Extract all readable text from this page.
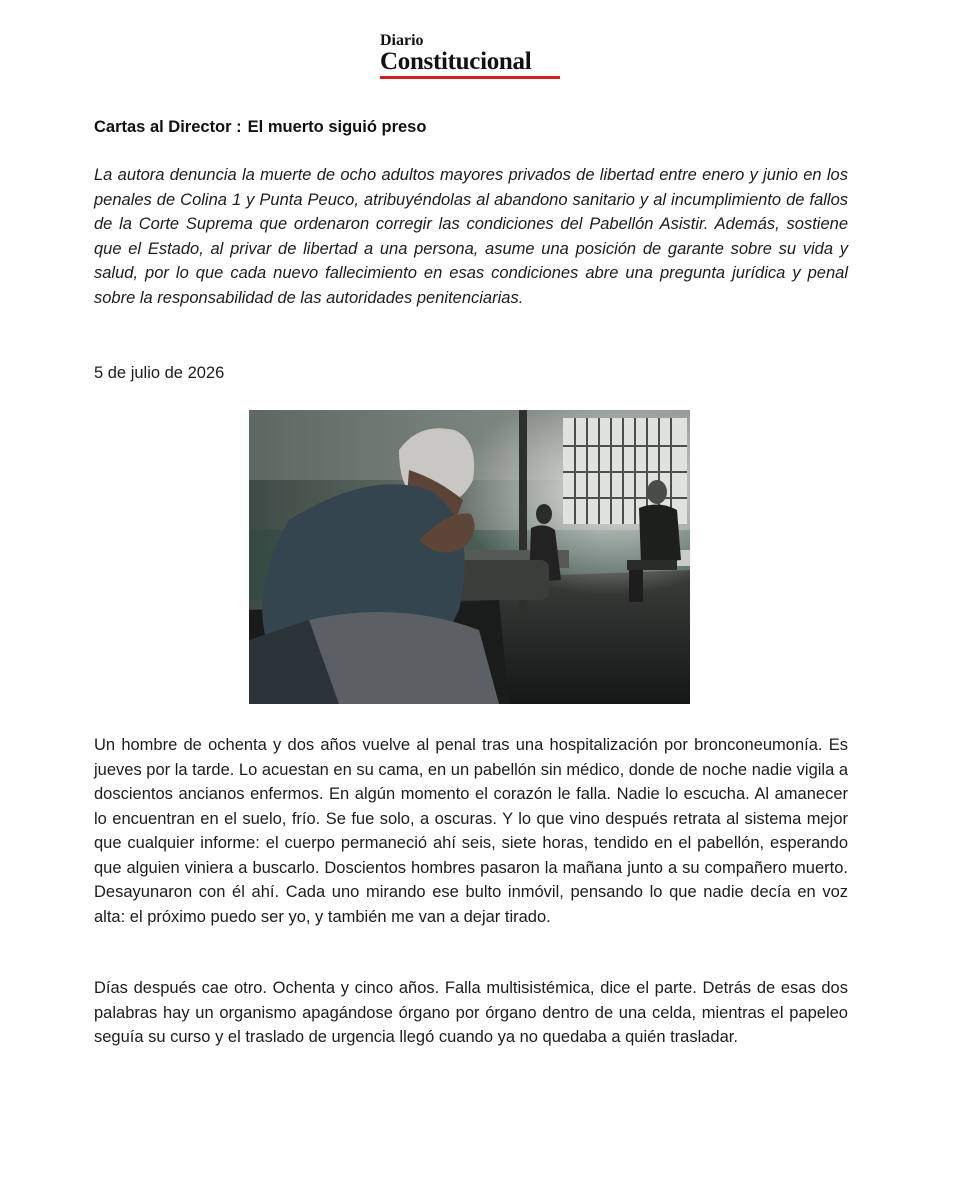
Diario
Constitucional
Cartas al Director : El muerto siguió preso

La autora denuncia la muerte de ocho adultos mayores privados de libertad entre enero y junio en los penales de Colina 1 y Punta Peuco, atribuyéndolas al abandono sanitario y al incumplimiento de fallos de la Corte Suprema que ordenaron corregir las condiciones del Pabellón Asistir. Además, sostiene que el Estado, al privar de libertad a una persona, asume una posición de garante sobre su vida y salud, por lo que cada nuevo fallecimiento en esas condiciones abre una pregunta jurídica y penal sobre la responsabilidad de las autoridades penitenciarias.

5 de julio de 2026

Un hombre de ochenta y dos años vuelve al penal tras una hospitalización por bronconeumonía. Es jueves por la tarde. Lo acuestan en su cama, en un pabellón sin médico, donde de noche nadie vigila a doscientos ancianos enfermos. En algún momento el corazón le falla. Nadie lo escucha. Al amanecer lo encuentran en el suelo, frío. Se fue solo, a oscuras. Y lo que vino después retrata al sistema mejor que cualquier informe: el cuerpo permaneció ahí seis, siete horas, tendido en el pabellón, esperando que alguien viniera a buscarlo. Doscientos hombres pasaron la mañana junto a su compañero muerto. Desayunaron con él ahí. Cada uno mirando ese bulto inmóvil, pensando lo que nadie decía en voz alta: el próximo puedo ser yo, y también me van a dejar tirado.

Días después cae otro. Ochenta y cinco años. Falla multisistémica, dice el parte. Detrás de esas dos palabras hay un organismo apagándose órgano por órgano dentro de una celda, mientras el papeleo seguía su curso y el traslado de urgencia llegó cuando ya no quedaba a quién trasladar.
